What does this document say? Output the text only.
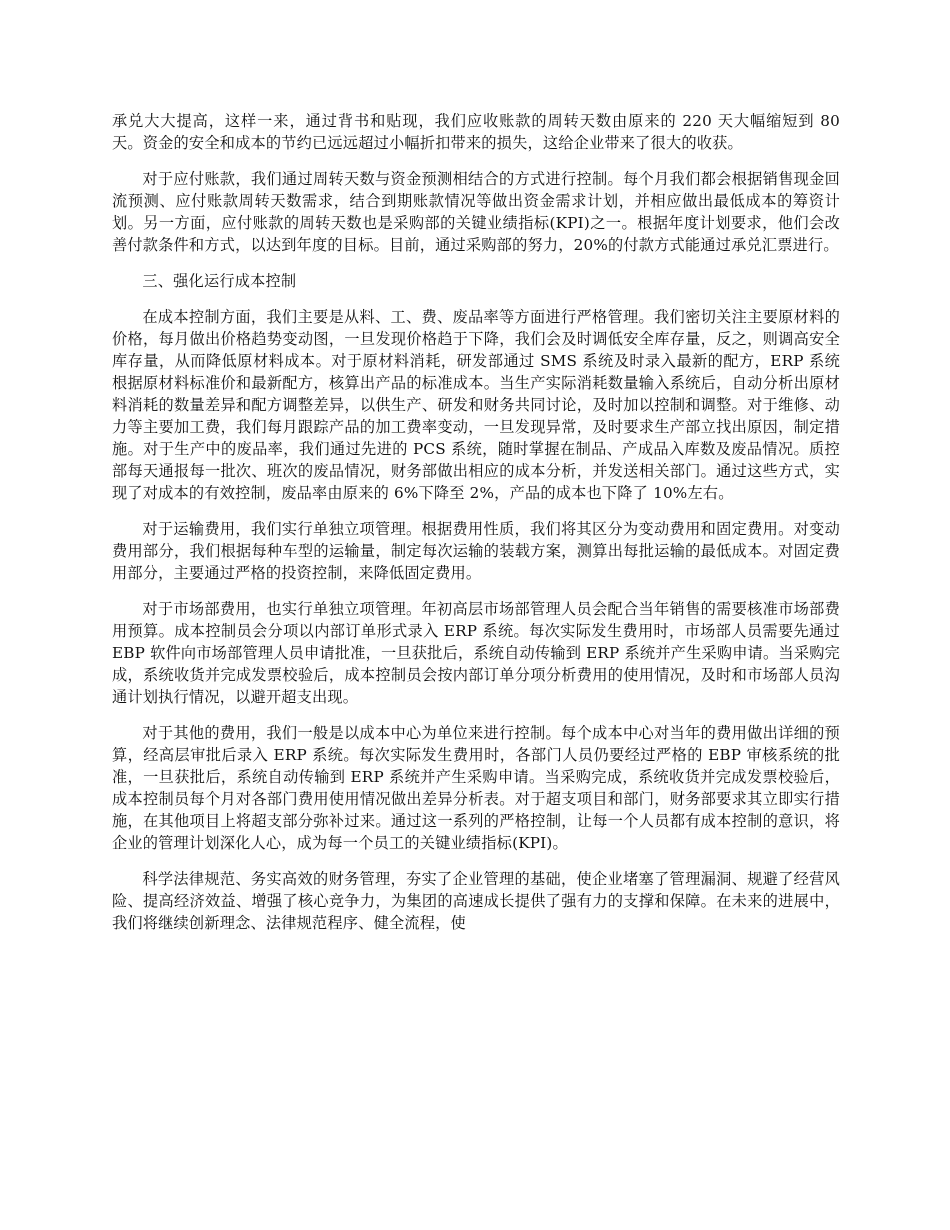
承兑大大提高，这样一来，通过背书和贴现，我们应收账款的周转天数由原来的 220 天大幅缩短到 80 天。资金的安全和成本的节约已远远超过小幅折扣带来的损失，这给企业带来了很大的收获。

对于应付账款，我们通过周转天数与资金预测相结合的方式进行控制。每个月我们都会根据销售现金回流预测、应付账款周转天数需求，结合到期账款情况等做出资金需求计划，并相应做出最低成本的筹资计划。另一方面，应付账款的周转天数也是采购部的关键业绩指标(KPI)之一。根据年度计划要求，他们会改善付款条件和方式，以达到年度的目标。目前，通过采购部的努力，20%的付款方式能通过承兑汇票进行。

三、强化运行成本控制

在成本控制方面，我们主要是从料、工、费、废品率等方面进行严格管理。我们密切关注主要原材料的价格，每月做出价格趋势变动图，一旦发现价格趋于下降，我们会及时调低安全库存量，反之，则调高安全库存量，从而降低原材料成本。对于原材料消耗，研发部通过 SMS 系统及时录入最新的配方，ERP 系统根据原材料标准价和最新配方，核算出产品的标准成本。当生产实际消耗数量输入系统后，自动分析出原材料消耗的数量差异和配方调整差异，以供生产、研发和财务共同讨论，及时加以控制和调整。对于维修、动力等主要加工费，我们每月跟踪产品的加工费率变动，一旦发现异常，及时要求生产部立找出原因，制定措施。对于生产中的废品率，我们通过先进的 PCS 系统，随时掌握在制品、产成品入库数及废品情况。质控部每天通报每一批次、班次的废品情况，财务部做出相应的成本分析，并发送相关部门。通过这些方式，实现了对成本的有效控制，废品率由原来的 6%下降至 2%，产品的成本也下降了 10%左右。

对于运输费用，我们实行单独立项管理。根据费用性质，我们将其区分为变动费用和固定费用。对变动费用部分，我们根据每种车型的运输量，制定每次运输的装载方案，测算出每批运输的最低成本。对固定费用部分，主要通过严格的投资控制，来降低固定费用。

对于市场部费用，也实行单独立项管理。年初高层市场部管理人员会配合当年销售的需要核准市场部费用预算。成本控制员会分项以内部订单形式录入 ERP 系统。每次实际发生费用时，市场部人员需要先通过 EBP 软件向市场部管理人员申请批准，一旦获批后，系统自动传输到 ERP 系统并产生采购申请。当采购完成，系统收货并完成发票校验后，成本控制员会按内部订单分项分析费用的使用情况，及时和市场部人员沟通计划执行情况，以避开超支出现。

对于其他的费用，我们一般是以成本中心为单位来进行控制。每个成本中心对当年的费用做出详细的预算，经高层审批后录入 ERP 系统。每次实际发生费用时，各部门人员仍要经过严格的 EBP 审核系统的批准，一旦获批后，系统自动传输到 ERP 系统并产生采购申请。当采购完成，系统收货并完成发票校验后，成本控制员每个月对各部门费用使用情况做出差异分析表。对于超支项目和部门，财务部要求其立即实行措施，在其他项目上将超支部分弥补过来。通过这一系列的严格控制，让每一个人员都有成本控制的意识，将企业的管理计划深化人心，成为每一个员工的关键业绩指标(KPI)。

科学法律规范、务实高效的财务管理，夯实了企业管理的基础，使企业堵塞了管理漏洞、规避了经营风险、提高经济效益、增强了核心竞争力，为集团的高速成长提供了强有力的支撑和保障。在未来的进展中，我们将继续创新理念、法律规范程序、健全流程，使
